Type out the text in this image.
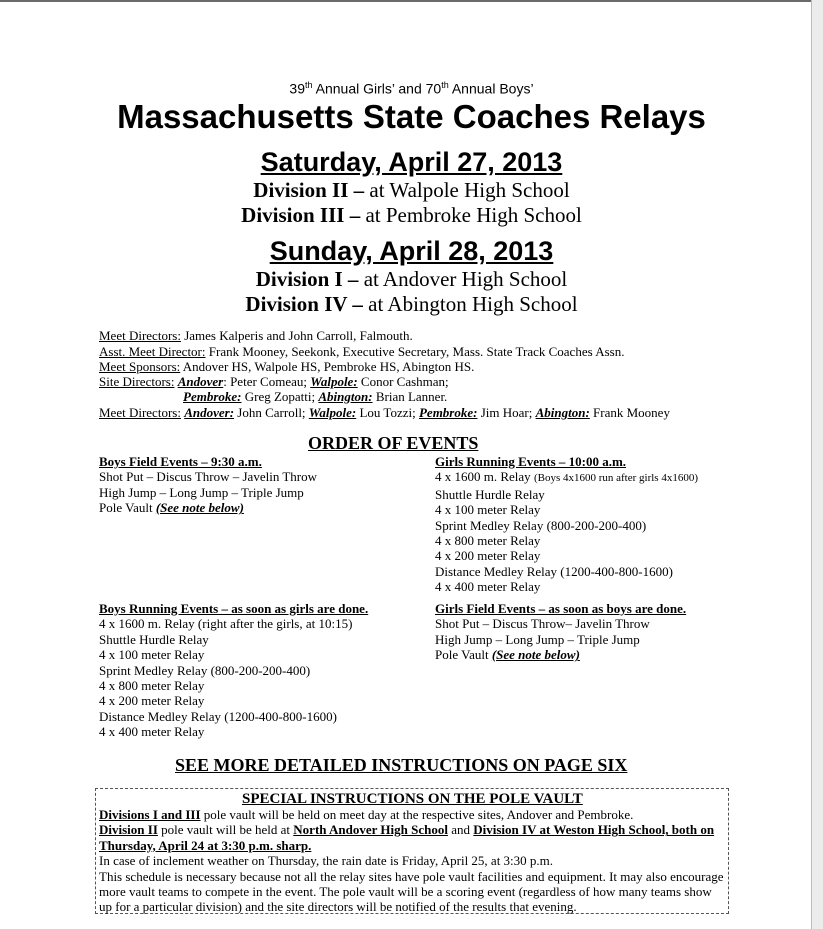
39th Annual Girls’ and 70th Annual Boys’
Massachusetts State Coaches Relays
Saturday, April 27, 2013
Division II – at Walpole High School
Division III – at Pembroke High School
Sunday, April 28, 2013
Division I – at Andover High School
Division IV – at Abington High School
Meet Directors: James Kalperis and John Carroll, Falmouth.
Asst. Meet Director: Frank Mooney, Seekonk, Executive Secretary, Mass. State Track Coaches Assn.
Meet Sponsors: Andover HS, Walpole HS, Pembroke HS, Abington HS.
Site Directors: Andover: Peter Comeau; Walpole: Conor Cashman;
Pembroke: Greg Zopatti; Abington: Brian Lanner.
Meet Directors: Andover: John Carroll; Walpole: Lou Tozzi; Pembroke: Jim Hoar; Abington: Frank Mooney
ORDER OF EVENTS
Boys Field Events – 9:30 a.m.
Shot Put – Discus Throw – Javelin Throw
High Jump – Long Jump – Triple Jump
Pole Vault (See note below)
Girls Running Events – 10:00 a.m.
4 x 1600 m. Relay (Boys 4x1600 run after girls 4x1600)
Shuttle Hurdle Relay
4 x 100 meter Relay
Sprint Medley Relay (800-200-200-400)
4 x 800 meter Relay
4 x 200 meter Relay
Distance Medley Relay (1200-400-800-1600)
4 x 400 meter Relay
Boys Running Events – as soon as girls are done.
4 x 1600 m. Relay (right after the girls, at 10:15)
Shuttle Hurdle Relay
4 x 100 meter Relay
Sprint Medley Relay (800-200-200-400)
4 x 800 meter Relay
4 x 200 meter Relay
Distance Medley Relay (1200-400-800-1600)
4 x 400 meter Relay
Girls Field Events – as soon as boys are done.
Shot Put – Discus Throw– Javelin Throw
High Jump – Long Jump – Triple Jump
Pole Vault (See note below)
SEE MORE DETAILED INSTRUCTIONS ON PAGE SIX
SPECIAL INSTRUCTIONS ON THE POLE VAULT
Divisions I and III pole vault will be held on meet day at the respective sites, Andover and Pembroke.
Division II pole vault will be held at North Andover High School and Division IV at Weston High School, both on Thursday, April 24 at 3:30 p.m. sharp.
In case of inclement weather on Thursday, the rain date is Friday, April 25, at 3:30 p.m.
This schedule is necessary because not all the relay sites have pole vault facilities and equipment. It may also encourage more vault teams to compete in the event. The pole vault will be a scoring event (regardless of how many teams show up for a particular division) and the site directors will be notified of the results that evening.
